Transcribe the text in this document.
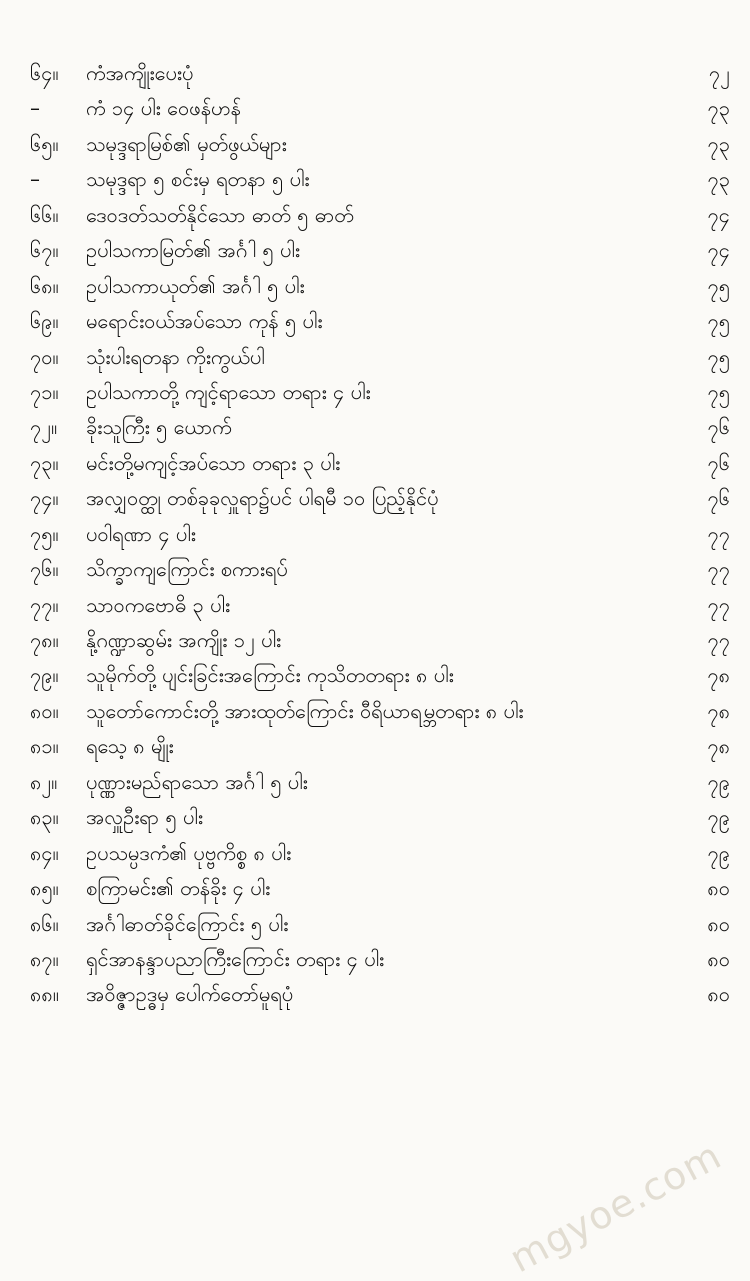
၆၄။	ကံအကျိုးပေးပုံ	၇၂
–	ကံ ၁၄ ပါး ဝေဖန်ဟန်	၇၃
၆၅။	သမုဒ္ဒရာမြစ်၏ မှတ်ဖွယ်များ	၇၃
–	သမုဒ္ဒရာ ၅ စင်းမှ ရတနာ ၅ ပါး	၇၃
၆၆။	ဒေဝဒတ်သတ်နိုင်သော ဓာတ် ၅ ဓာတ်	၇၄
၆၇။	ဥပါသကာမြတ်၏ အင်္ဂါ ၅ ပါး	၇၄
၆၈။	ဥပါသကာယုတ်၏ အင်္ဂါ ၅ ပါး	၇၅
၆၉။	မရောင်းဝယ်အပ်သော ကုန် ၅ ပါး	၇၅
၇၀။	သုံးပါးရတနာ ကိုးကွယ်ပါ	၇၅
၇၁။	ဥပါသကာတို့ ကျင့်ရာသော တရား ၄ ပါး	၇၅
၇၂။	ခိုးသူကြီး ၅ ယောက်	၇၆
၇၃။	မင်းတို့မကျင့်အပ်သော တရား ၃ ပါး	၇၆
၇၄။	အလျှဝတ္ထု တစ်ခုခုလှူရာ၌ပင် ပါရမီ ၁၀ ပြည့်နိုင်ပုံ	၇၆
၇၅။	ပဝါရဏာ ၄ ပါး	၇၇
၇၆။	သိက္ခာကျကြောင်း စကားရပ်	၇၇
၇၇။	သာဝကဗောဓိ ၃ ပါး	၇၇
၇၈။	နို့ဂဏ္ဍာဆွမ်း အကျိုး ၁၂ ပါး	၇၇
၇၉။	သူမိုက်တို့ ပျင်းခြင်းအကြောင်း ကုသိတတရား ၈ ပါး	၇၈
၈၀။	သူတော်ကောင်းတို့ အားထုတ်ကြောင်း ဝီရိယာရမ္ဘတရား ၈ ပါး	၇၈
၈၁။	ရသေ့ ၈ မျိုး	၇၈
၈၂။	ပုဏ္ဏားမည်ရာသော အင်္ဂါ ၅ ပါး	၇၉
၈၃။	အလှူဦးရာ ၅ ပါး	၇၉
၈၄။	ဥပသမ္ပဒကံ၏ ပုဗ္ဗကိစ္စ ၈ ပါး	၇၉
၈၅။	စကြာမင်း၏ တန်ခိုး ၄ ပါး	၈၀
၈၆။	အင်္ဂါဓာတ်ခိုင်ကြောင်း ၅ ပါး	၈၀
၈၇။	ရှင်အာနန္ဒာပညာကြီးကြောင်း တရား ၄ ပါး	၈၀
၈၈။	အဝိဇ္ဇာဥဒ္ဓမှ ပေါက်တော်မူရပုံ	၈၀
mgyoe.com
